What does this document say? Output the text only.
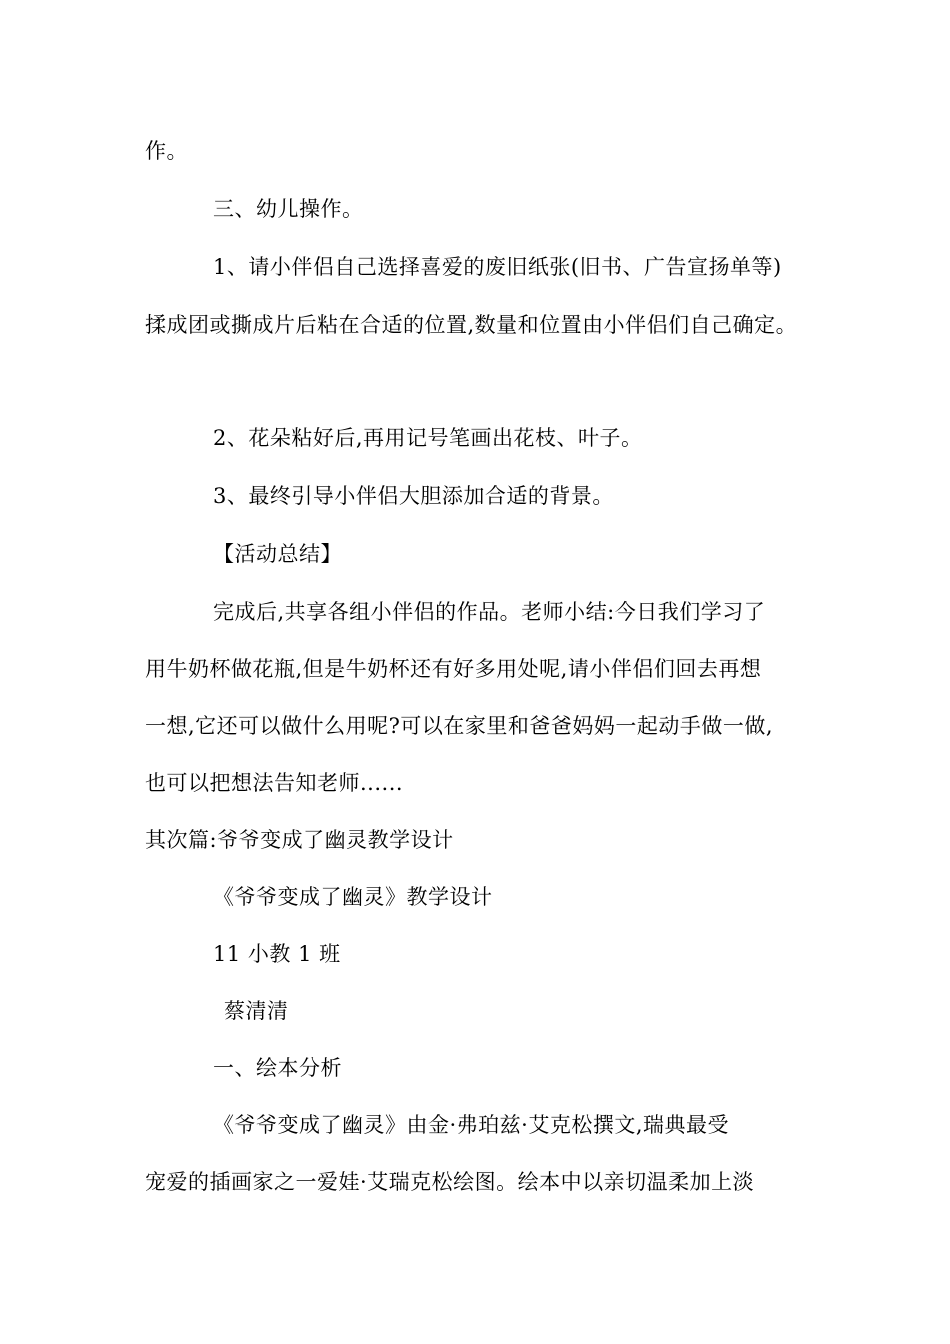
作。
三、幼儿操作。
1、请小伴侣自己选择喜爱的废旧纸张(旧书、广告宣扬单等)
揉成团或撕成片后粘在合适的位置,数量和位置由小伴侣们自己确定。
2、花朵粘好后,再用记号笔画出花枝、叶子。
3、最终引导小伴侣大胆添加合适的背景。
【活动总结】
完成后,共享各组小伴侣的作品。老师小结:今日我们学习了
用牛奶杯做花瓶,但是牛奶杯还有好多用处呢,请小伴侣们回去再想
一想,它还可以做什么用呢?可以在家里和爸爸妈妈一起动手做一做,
也可以把想法告知老师......
其次篇:爷爷变成了幽灵教学设计
《爷爷变成了幽灵》教学设计
11 小教 1 班
蔡清清
一、绘本分析
《爷爷变成了幽灵》由金·弗珀兹·艾克松撰文,瑞典最受
宠爱的插画家之一爱娃·艾瑞克松绘图。绘本中以亲切温柔加上淡
